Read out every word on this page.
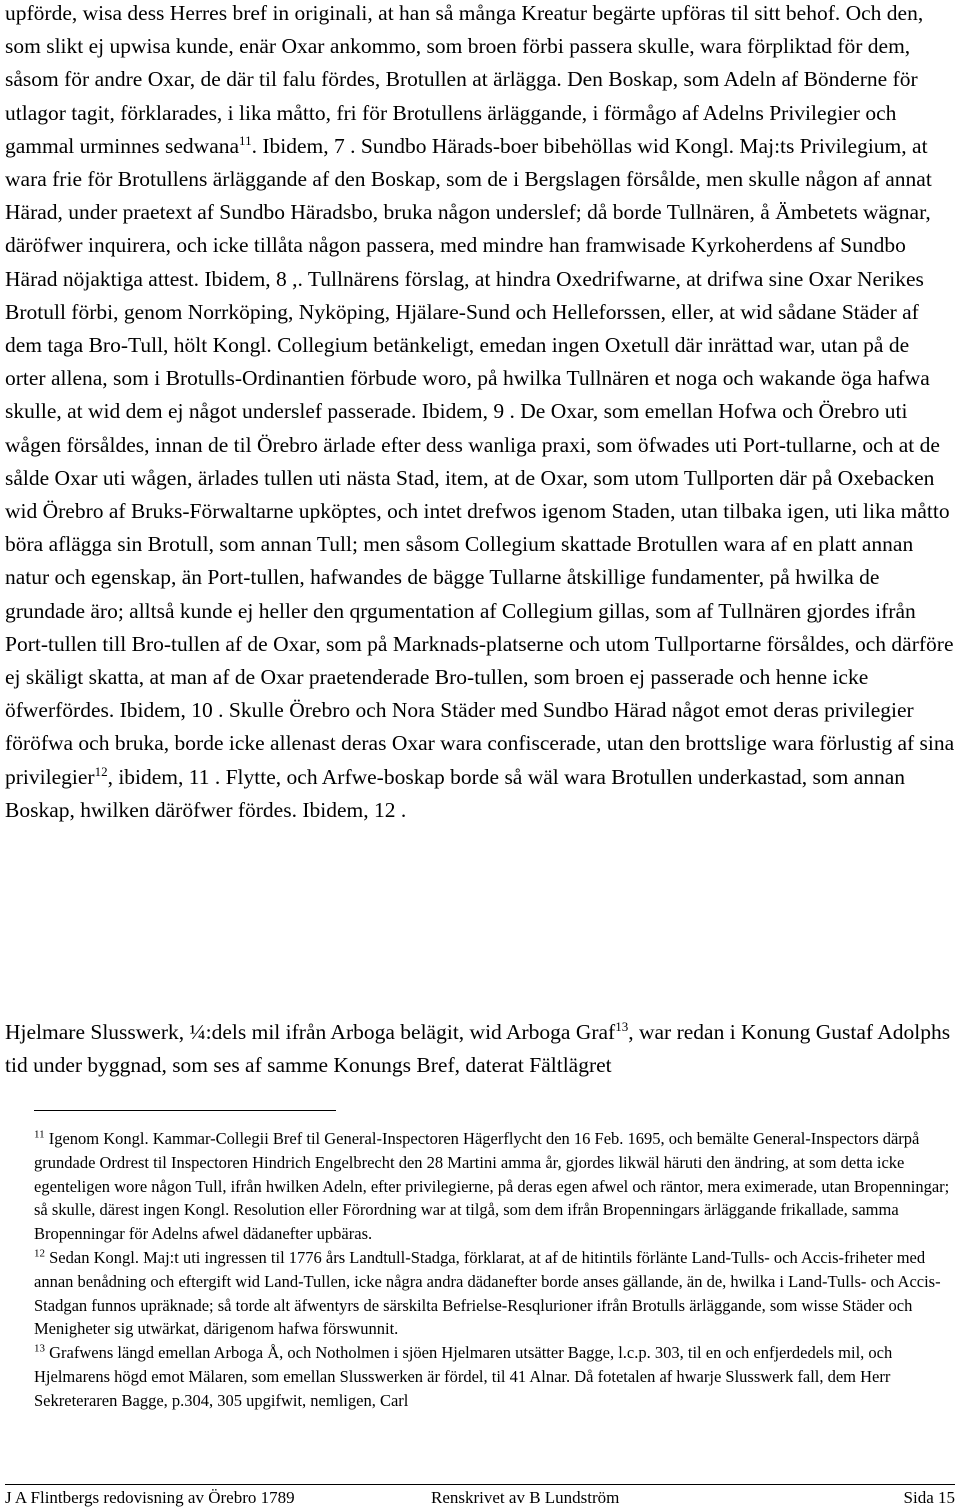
upförde, wisa dess Herres bref in originali, at han så många Kreatur begärte upföras til sitt behof. Och den, som slikt ej upwisa kunde, enär Oxar ankommo, som broen förbi passera skulle, wara förpliktad för dem, såsom för andre Oxar, de där til falu fördes, Brotullen at ärlägga. Den Boskap, som Adeln af Bönderne för utlagor tagit, förklarades, i lika måtto, fri för Brotullens ärläggande, i förmågo af Adelns Privilegier och gammal urminnes sedwana$^{11}$. Ibidem, 7 . Sundbo Härads-boer bibehöllas wid Kongl. Maj:ts Privilegium, at wara frie för Brotullens ärläggande af den Boskap, som de i Bergslagen försålde, men skulle någon af annat Härad, under praetext af Sundbo Häradsbo, bruka någon underslef; då borde Tullnären, å Ämbetets wägnar, däröfwer inquirera, och icke tillåta någon passera, med mindre han framwisade Kyrkoherdens af Sundbo Härad nöjaktiga attest. Ibidem, 8 ,. Tullnärens förslag, at hindra Oxedrifwarne, at drifwa sine Oxar Nerikes Brotull förbi, genom Norrköping, Nyköping, Hjälare-Sund och Helleforssen, eller, at wid sådane Städer af dem taga Bro-Tull, hölt Kongl. Collegium betänkeligt, emedan ingen Oxetull där inrättad war, utan på de orter allena, som i Brotulls-Ordinantien förbude woro, på hwilka Tullnären et noga och wakande öga hafwa skulle, at wid dem ej något underslef passerade. Ibidem, 9 . De Oxar, som emellan Hofwa och Örebro uti wågen försåldes, innan de til Örebro ärlade efter dess wanliga praxi, som öfwades uti Port-tullarne, och at de sålde Oxar uti wågen, ärlades tullen uti nästa Stad, item, at de Oxar, som utom Tullporten där på Oxebacken wid Örebro af Bruks-Förwaltarne upköptes, och intet drefwos igenom Staden, utan tilbaka igen, uti lika måtto böra aflägga sin Brotull, som annan Tull; men såsom Collegium skattade Brotullen wara af en platt annan natur och egenskap, än Port-tullen, hafwandes de bägge Tullarne åtskillige fundamenter, på hwilka de grundade äro; alltså kunde ej heller den qrgumentation af Collegium gillas, som af Tullnären gjordes ifrån Port-tullen till Bro-tullen af de Oxar, som på Marknads-platserne och utom Tullportarne försåldes, och därföre ej skäligt skatta, at man af de Oxar praetenderade Bro-tullen, som broen ej passerade och henne icke öfwerfördes. Ibidem, 10 . Skulle Örebro och Nora Städer med Sundbo Härad något emot deras privilegier föröfwa och bruka, borde icke allenast deras Oxar wara confiscerade, utan den brottslige wara förlustig af sina privilegier$^{12}$, ibidem, 11 . Flytte, och Arfwe-boskap borde så wäl wara Brotullen underkastad, som annan Boskap, hwilken däröfwer fördes. Ibidem, 12 .

Hjelmare Slusswerk, ¼:dels mil ifrån Arboga belägit, wid Arboga Graf$^{13}$, war redan i Konung Gustaf Adolphs tid under byggnad, som ses af samme Konungs Bref, daterat Fältlägret

$^{11}$ Igenom Kongl. Kammar-Collegii Bref til General-Inspectoren Hägerflycht den 16 Feb. 1695, och bemälte General-Inspectors därpå grundade Ordrest til Inspectoren Hindrich Engelbrecht den 28 Martini amma år, gjordes likwäl häruti den ändring, at som detta icke egenteligen wore någon Tull, ifrån hwilken Adeln, efter privilegierne, på deras egen afwel och räntor, mera eximerade, utan Bropenningar; så skulle, därest ingen Kongl. Resolution eller Förordning war at tilgå, som dem ifrån Bropenningars ärläggande frikallade, samma Bropenningar för Adelns afwel dädanefter upbäras.

$^{12}$ Sedan Kongl. Maj:t uti ingressen til 1776 års Landtull-Stadga, förklarat, at af de hitintils förlänte Land-Tulls- och Accis-friheter med annan benådning och eftergift wid Land-Tullen, icke några andra dädanefter borde anses gällande, än de, hwilka i Land-Tulls- och Accis-Stadgan funnos upräknade; så torde alt äfwentyrs de särskilta Befrielse-Resqlurioner ifrån Brotulls ärläggande, som wisse Städer och Menigheter sig utwärkat, därigenom hafwa förswunnit.

$^{13}$ Grafwens längd emellan Arboga Å, och Notholmen i sjöen Hjelmaren utsätter Bagge, l.c.p. 303, til en och enfjerdedels mil, och Hjelmarens högd emot Mälaren, som emellan Slusswerken är fördel, til 41 Alnar. Då fotetalen af hwarje Slusswerk fall, dem Herr Sekreteraren Bagge, p.304, 305 upgifwit, nemligen, Carl

J A Flintbergs redovisning av Örebro 1789	Renskrivet av B Lundström	Sida 15
